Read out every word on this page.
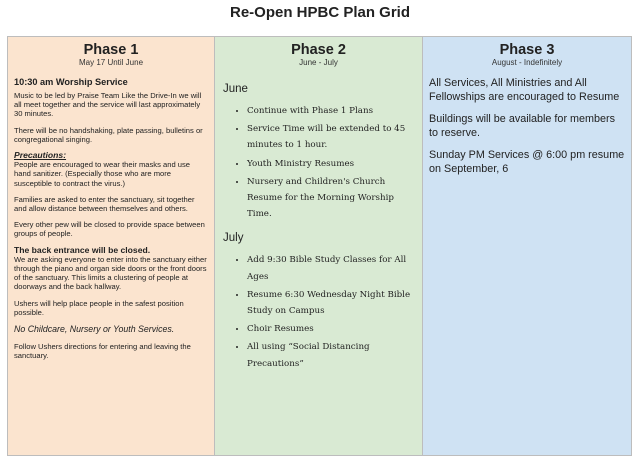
Re-Open HPBC Plan Grid
Phase 1
May 17 Until June

10:30 am Worship Service

Music to be led by Praise Team Like the Drive-In we will all meet together and the service will last approximately 30 minutes.

There will be no handshaking, plate passing, bulletins or congregational singing.

Precautions:

People are encouraged to wear their masks and use hand sanitizer. (Especially those who are more susceptible to contract the virus.)

Families are asked to enter the sanctuary, sit together and allow distance between themselves and others.

Every other pew will be closed to provide space between groups of people.

The back entrance will be closed.

We are asking everyone to enter into the sanctuary either through the piano and organ side doors or the front doors of the sanctuary. This limits a clustering of people at doorways and the back hallway.

Ushers will help place people in the safest position possible.

No Childcare, Nursery or Youth Services.

Follow Ushers directions for entering and leaving the sanctuary.

Phase 2
June - July
June
• Continue with Phase 1 Plans
• Service Time will be extended to 45 minutes to 1 hour.
• Youth Ministry Resumes
• Nursery and Children's Church Resume for the Morning Worship Time.
July
• Add 9:30 Bible Study Classes for All Ages
• Resume 6:30 Wednesday Night Bible Study on Campus
• Choir Resumes
• All using “Social Distancing Precautions”
Phase 3
August - Indefinitely

All Services, All Ministries and All Fellowships are encouraged to Resume

Buildings will be available for members to reserve.

Sunday PM Services @ 6:00 pm resume on September, 6
